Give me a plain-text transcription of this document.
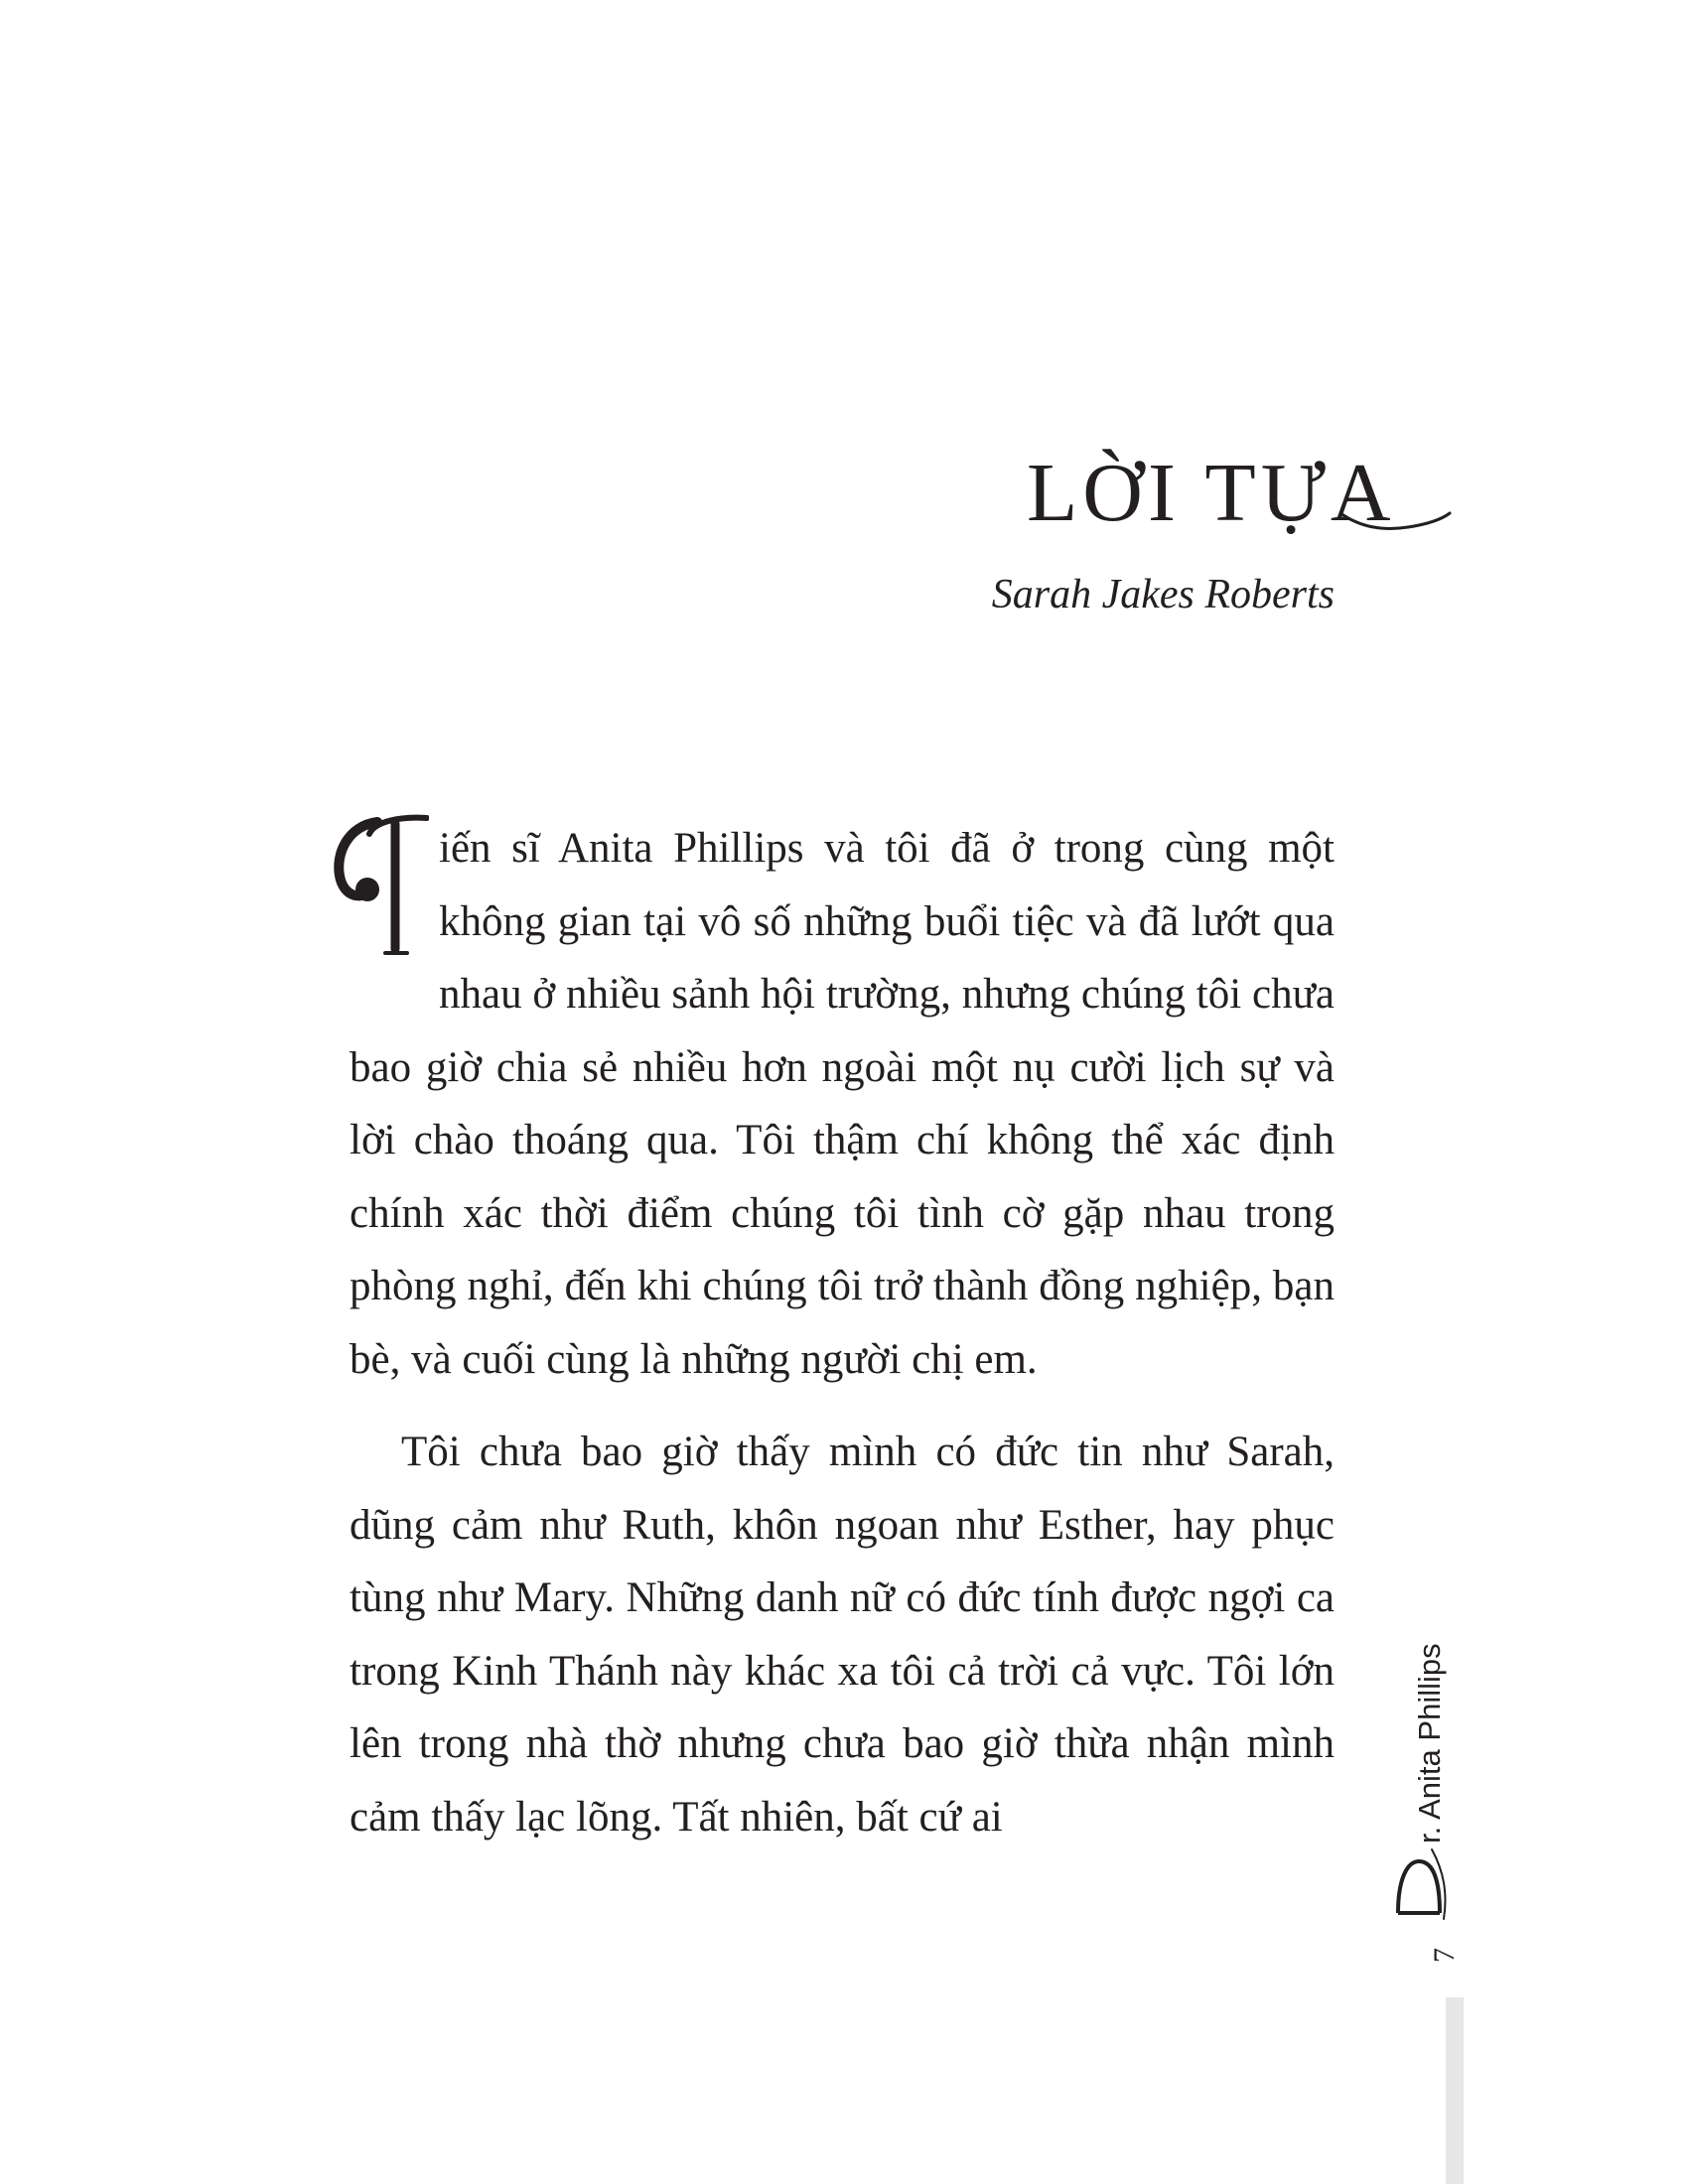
LỜI TỰA
Sarah Jakes Roberts

iến sĩ Anita Phillips và tôi đã ở trong cùng một không gian tại vô số những buổi tiệc và đã lướt qua nhau ở nhiều sảnh hội trường, nhưng chúng tôi chưa bao giờ chia sẻ nhiều hơn ngoài một nụ cười lịch sự và lời chào thoáng qua. Tôi thậm chí không thể xác định chính xác thời điểm chúng tôi tình cờ gặp nhau trong phòng nghỉ, đến khi chúng tôi trở thành đồng nghiệp, bạn bè, và cuối cùng là những người chị em.

Tôi chưa bao giờ thấy mình có đức tin như Sarah, dũng cảm như Ruth, khôn ngoan như Esther, hay phục tùng như Mary. Những danh nữ có đức tính được ngợi ca trong Kinh Thánh này khác xa tôi cả trời cả vực. Tôi lớn lên trong nhà thờ nhưng chưa bao giờ thừa nhận mình cảm thấy lạc lõng. Tất nhiên, bất cứ ai	r. Anita Phillips
7
